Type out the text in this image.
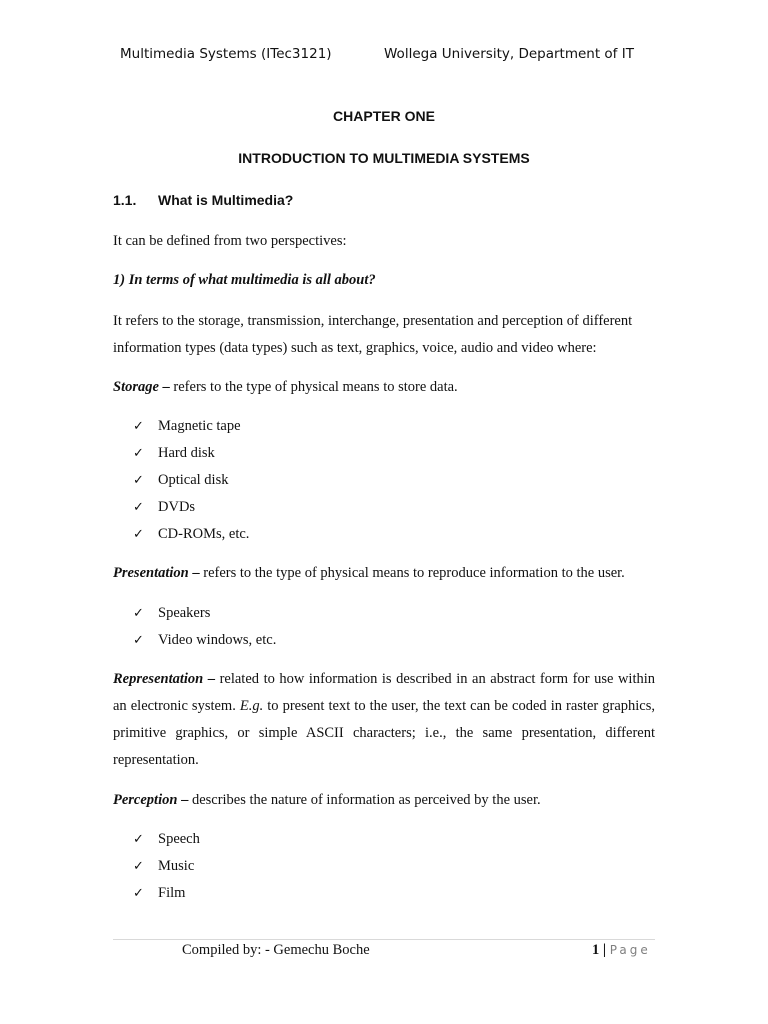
Multimedia Systems (ITec3121)	Wollega University, Department of IT
CHAPTER ONE
INTRODUCTION TO MULTIMEDIA SYSTEMS
1.1. What is Multimedia?
It can be defined from two perspectives:
1) In terms of what multimedia is all about?
It refers to the storage, transmission, interchange, presentation and perception of different information types (data types) such as text, graphics, voice, audio and video where:
Storage – refers to the type of physical means to store data.
✓ Magnetic tape
✓ Hard disk
✓ Optical disk
✓ DVDs
✓ CD-ROMs, etc.
Presentation – refers to the type of physical means to reproduce information to the user.
✓ Speakers
✓ Video windows, etc.
Representation – related to how information is described in an abstract form for use within an electronic system. E.g. to present text to the user, the text can be coded in raster graphics, primitive graphics, or simple ASCII characters; i.e., the same presentation, different representation.
Perception – describes the nature of information as perceived by the user.
✓ Speech
✓ Music
✓ Film
Compiled by: - Gemechu Boche	1 | Page
